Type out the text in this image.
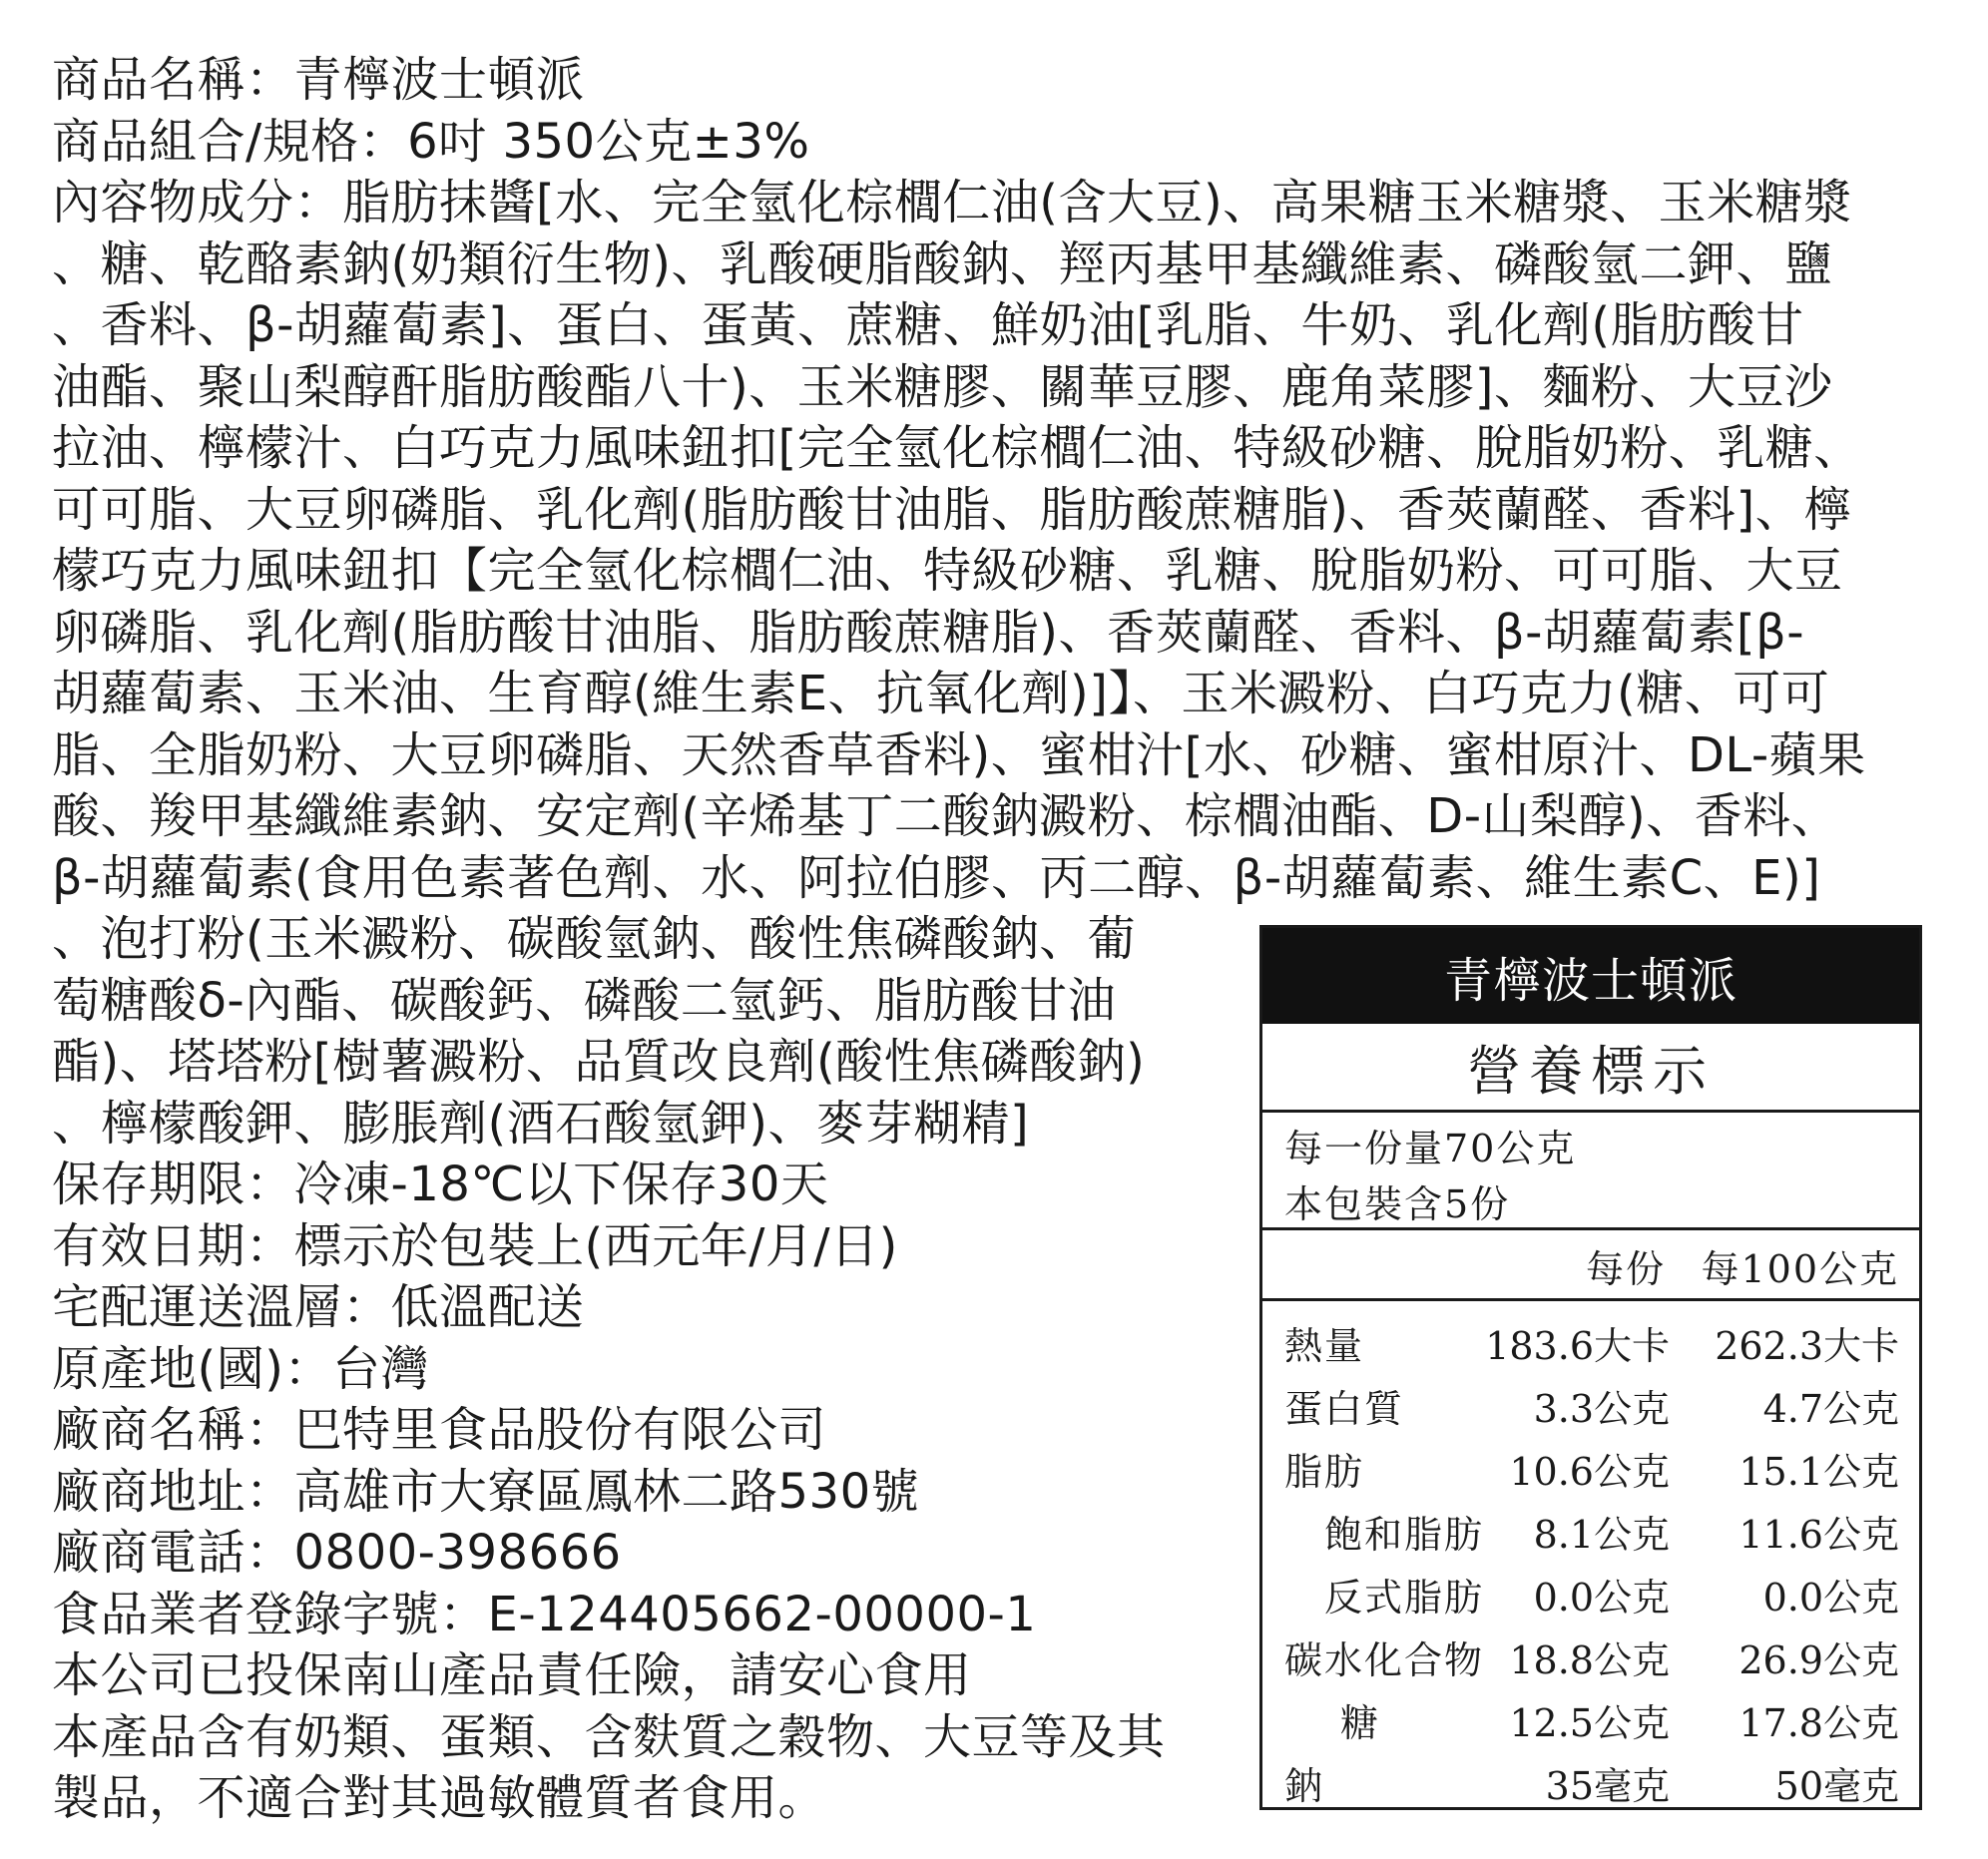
商品名稱：青檸波士頓派
商品組合/規格：6吋 350公克±3%
內容物成分：脂肪抹醬[水、完全氫化棕櫚仁油(含大豆)、高果糖玉米糖漿、玉米糖漿
、糖、乾酪素鈉(奶類衍生物)、乳酸硬脂酸鈉、羥丙基甲基纖維素、磷酸氫二鉀、鹽
、香料、β-胡蘿蔔素]、蛋白、蛋黃、蔗糖、鮮奶油[乳脂、牛奶、乳化劑(脂肪酸甘
油酯、聚山梨醇酐脂肪酸酯八十)、玉米糖膠、關華豆膠、鹿角菜膠]、麵粉、大豆沙
拉油、檸檬汁、白巧克力風味鈕扣[完全氫化棕櫚仁油、特級砂糖、脫脂奶粉、乳糖、
可可脂、大豆卵磷脂、乳化劑(脂肪酸甘油脂、脂肪酸蔗糖脂)、香莢蘭醛、香料]、檸
檬巧克力風味鈕扣【完全氫化棕櫚仁油、特級砂糖、乳糖、脫脂奶粉、可可脂、大豆
卵磷脂、乳化劑(脂肪酸甘油脂、脂肪酸蔗糖脂)、香莢蘭醛、香料、β-胡蘿蔔素[β-
胡蘿蔔素、玉米油、生育醇(維生素E、抗氧化劑)]】、玉米澱粉、白巧克力(糖、可可
脂、全脂奶粉、大豆卵磷脂、天然香草香料)、蜜柑汁[水、砂糖、蜜柑原汁、DL-蘋果
酸、羧甲基纖維素鈉、安定劑(辛烯基丁二酸鈉澱粉、棕櫚油酯、D-山梨醇)、香料、
β-胡蘿蔔素(食用色素著色劑、水、阿拉伯膠、丙二醇、β-胡蘿蔔素、維生素C、E)]
、泡打粉(玉米澱粉、碳酸氫鈉、酸性焦磷酸鈉、葡
萄糖酸δ-內酯、碳酸鈣、磷酸二氫鈣、脂肪酸甘油
酯)、塔塔粉[樹薯澱粉、品質改良劑(酸性焦磷酸鈉)
、檸檬酸鉀、膨脹劑(酒石酸氫鉀)、麥芽糊精]
保存期限：冷凍-18℃以下保存30天
有效日期：標示於包裝上(西元年/月/日)
宅配運送溫層：低溫配送
原產地(國)：台灣
廠商名稱：巴特里食品股份有限公司
廠商地址：高雄市大寮區鳳林二路530號
廠商電話：0800-398666
食品業者登錄字號：E-124405662-00000-1
本公司已投保南山產品責任險，請安心食用
本產品含有奶類、蛋類、含麩質之穀物、大豆等及其
製品，不適合對其過敏體質者食用。
青檸波士頓派
營養標示
每一份量70公克
本包裝含5份
每份 每100公克
熱量	183.6大卡 262.3大卡
蛋白質	3.3公克 4.7公克
脂肪	10.6公克 15.1公克
飽和脂肪 8.1公克 11.6公克
反式脂肪 0.0公克 0.0公克
碳水化合物 18.8公克 26.9公克
糖	12.5公克 17.8公克
鈉	35毫克	50毫克
